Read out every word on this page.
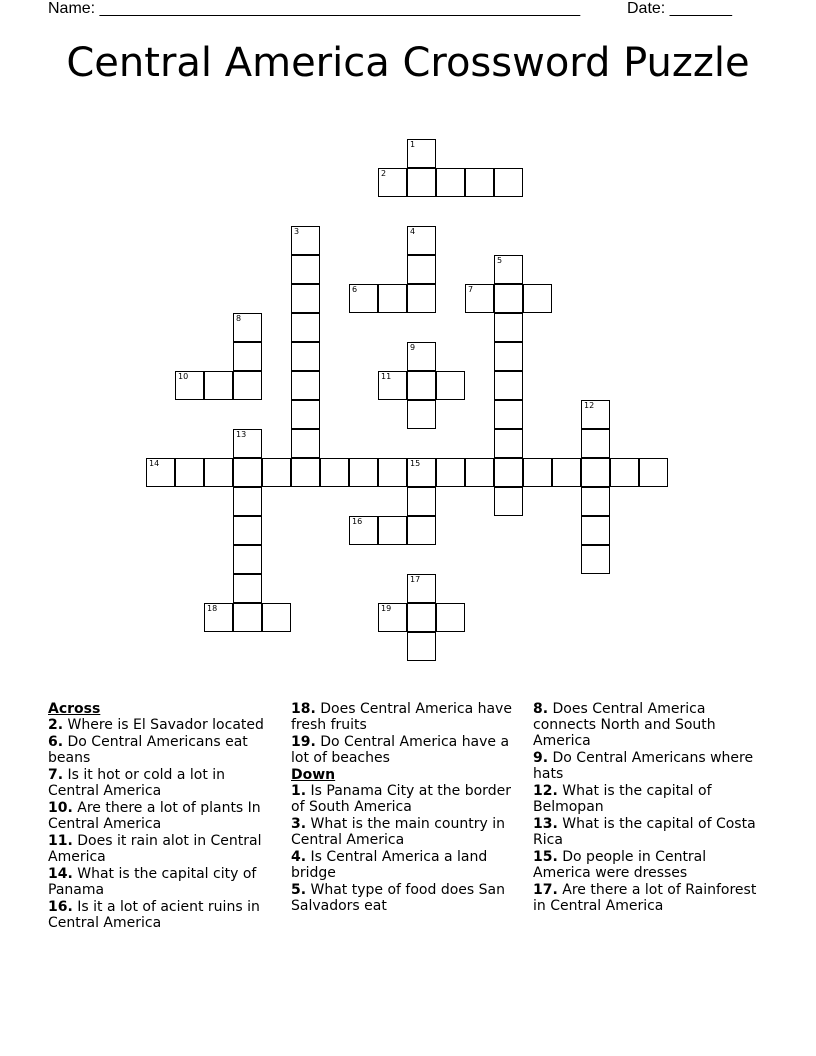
Name: ______________________________________________________	Date: _______
Central America Crossword Puzzle
1
2
3	4
5
6	7
8
9
10	11
12
13
14	15
16
17
18	19
Across
2. Where is El Savador located
6. Do Central Americans eat beans
7. Is it hot or cold a lot in Central America
10. Are there a lot of plants In Central America
11. Does it rain alot in Central America
14. What is the capital city of Panama
16. Is it a lot of acient ruins in Central America
18. Does Central America have fresh fruits
19. Do Central America have a lot of beaches
Down
1. Is Panama City at the border of South America
3. What is the main country in Central America
4. Is Central America a land bridge
5. What type of food does San Salvadors eat
8. Does Central America connects North and South America
9. Do Central Americans where hats
12. What is the capital of Belmopan
13. What is the capital of Costa Rica
15. Do people in Central America were dresses
17. Are there a lot of Rainforest in Central America
